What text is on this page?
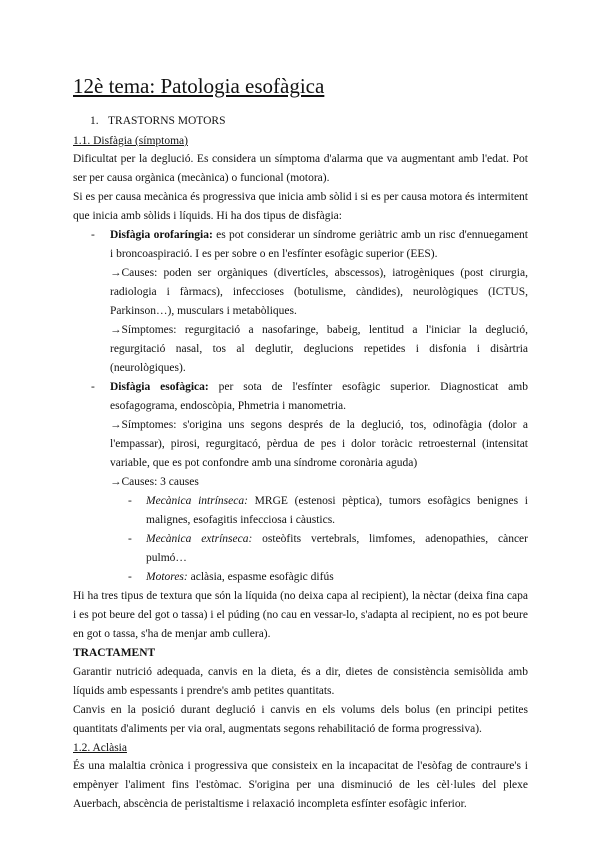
12è tema: Patologia esofàgica
1. TRASTORNS MOTORS
1.1. Disfàgia (símptoma)

Dificultat per la deglució. Es considera un símptoma d'alarma que va augmentant amb l'edat. Pot ser per causa orgànica (mecànica) o funcional (motora).

Si es per causa mecànica és progressiva que inicia amb sòlid i si es per causa motora és intermitent que inicia amb sòlids i líquids. Hi ha dos tipus de disfàgia:

- Disfàgia orofaríngia: es pot considerar un síndrome geriàtric amb un risc d'ennuegament i broncoaspiració. I es per sobre o en l'esfínter esofàgic superior (EES).
→Causes: poden ser orgàniques (divertícles, abscessos), iatrogèniques (post cirurgia, radiologia i fàrmacs), infeccioses (botulisme, càndides), neurològiques (ICTUS, Parkinson…), musculars i metabòliques.
→Símptomes: regurgitació a nasofaringe, babeig, lentitud a l'iniciar la deglució, regurgitació nasal, tos al deglutir, deglucions repetides i disfonia i disàrtria (neurològiques).
- Disfàgia esofàgica: per sota de l'esfínter esofàgic superior. Diagnosticat amb esofagograma, endoscòpia, Phmetria i manometria.
→Símptomes: s'origina uns segons després de la deglució, tos, odinofàgia (dolor a l'empassar), pirosi, regurgitacó, pèrdua de pes i dolor toràcic retroesternal (intensitat variable, que es pot confondre amb una síndrome coronària aguda)
→Causes: 3 causes
- Mecànica intrínseca: MRGE (estenosi pèptica), tumors esofàgics benignes i malignes, esofagitis infecciosa i càustics.
- Mecànica extrínseca: osteòfits vertebrals, limfomes, adenopathies, càncer pulmó…
- Motores: aclàsia, espasme esofàgic difús

Hi ha tres tipus de textura que són la líquida (no deixa capa al recipient), la nèctar (deixa fina capa i es pot beure del got o tassa) i el púding (no cau en vessar-lo, s'adapta al recipient, no es pot beure en got o tassa, s'ha de menjar amb cullera).

TRACTAMENT

Garantir nutrició adequada, canvis en la dieta, és a dir, dietes de consistència semisòlida amb líquids amb espessants i prendre's amb petites quantitats.

Canvis en la posició durant deglució i canvis en els volums dels bolus (en principi petites quantitats d'aliments per via oral, augmentats segons rehabilitació de forma progressiva).

1.2. Aclàsia

És una malaltia crònica i progressiva que consisteix en la incapacitat de l'esòfag de contraure's i empènyer l'aliment fins l'estòmac. S'origina per una disminució de les cèl·lules del plexe Auerbach, abscència de peristaltisme i relaxació incompleta esfínter esofàgic inferior.
